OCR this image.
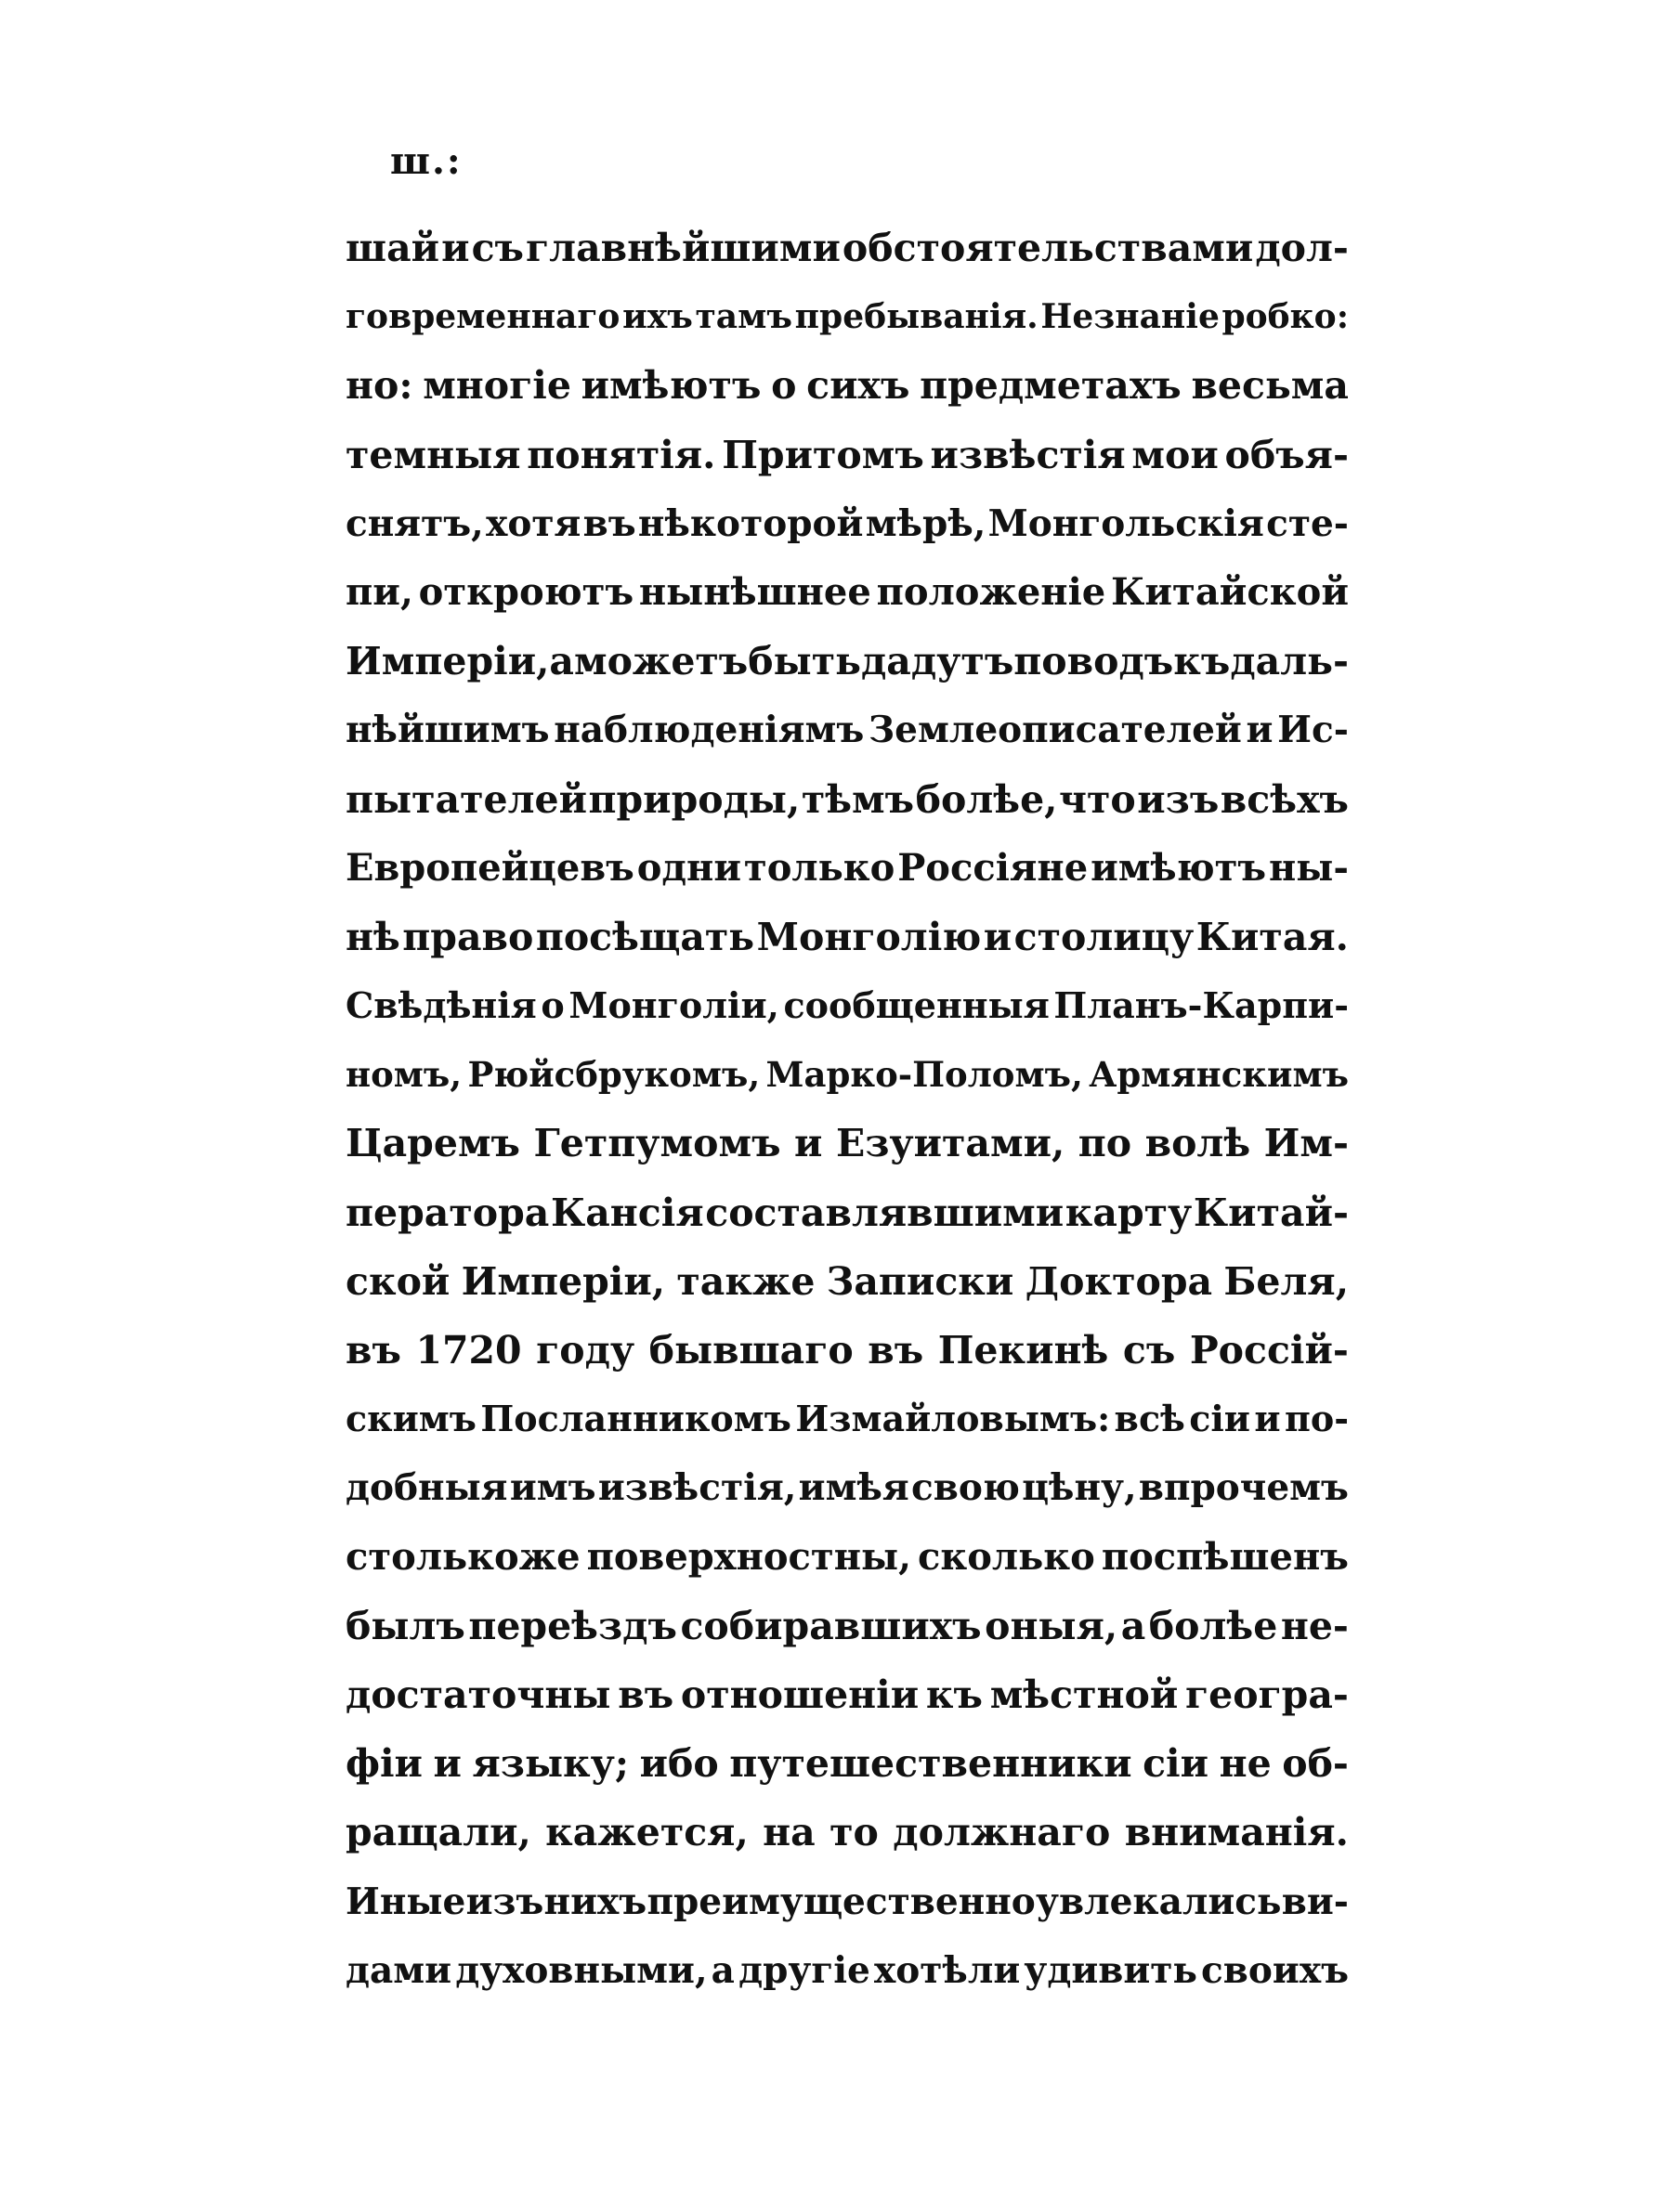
ш.:
шай и съ главнѣйшими обстоятельствами дол-
говременнаго ихъ тамъ пребыванія. Незнаніе робко:
но: многіе имѣютъ о сихъ предметахъ весьма
темныя понятія. Притомъ извѣстія мои объя-
снятъ, хотя въ нѣкоторой мѣрѣ, Монгольскія сте-
пи, откроютъ нынѣшнее положеніе Китайской
Имперіи, а можетъ быть дадутъ поводъ къ даль-
нѣйшимъ наблюденіямъ Землеописателей и Ис-
пытателей природы, тѣмъ болѣе, что изъ всѣхъ
Европейцевъ одни только Россіяне имѣютъ ны-
нѣ право посѣщать Монголію и столицу Китая.
Свѣдѣнія о Монголіи, сообщенныя Планъ-Карпи-
номъ, Рюйсбрукомъ, Марко-Поломъ, Армянскимъ
Царемъ Гетпумомъ и Езуитами, по волѣ Им-
ператора Кансія составлявшими карту Китай-
ской Имперіи, также Записки Доктора Беля,
въ 1720 году бывшаго въ Пекинѣ съ Россій-
скимъ Посланникомъ Измайловымъ: всѣ сіи и по-
добныя имъ извѣстія, имѣя свою цѣну, впрочемъ
столькоже поверхностны, сколько поспѣшенъ
былъ переѣздъ собиравшихъ оныя, а болѣе не-
достаточны въ отношеніи къ мѣстной геогра-
фіи и языку; ибо путешественники сіи не об-
ращали, кажется, на то должнаго вниманія.
Иные изъ нихъ преимущественно увлекались ви-
дами духовными, а другіе хотѣли удивить своихъ
